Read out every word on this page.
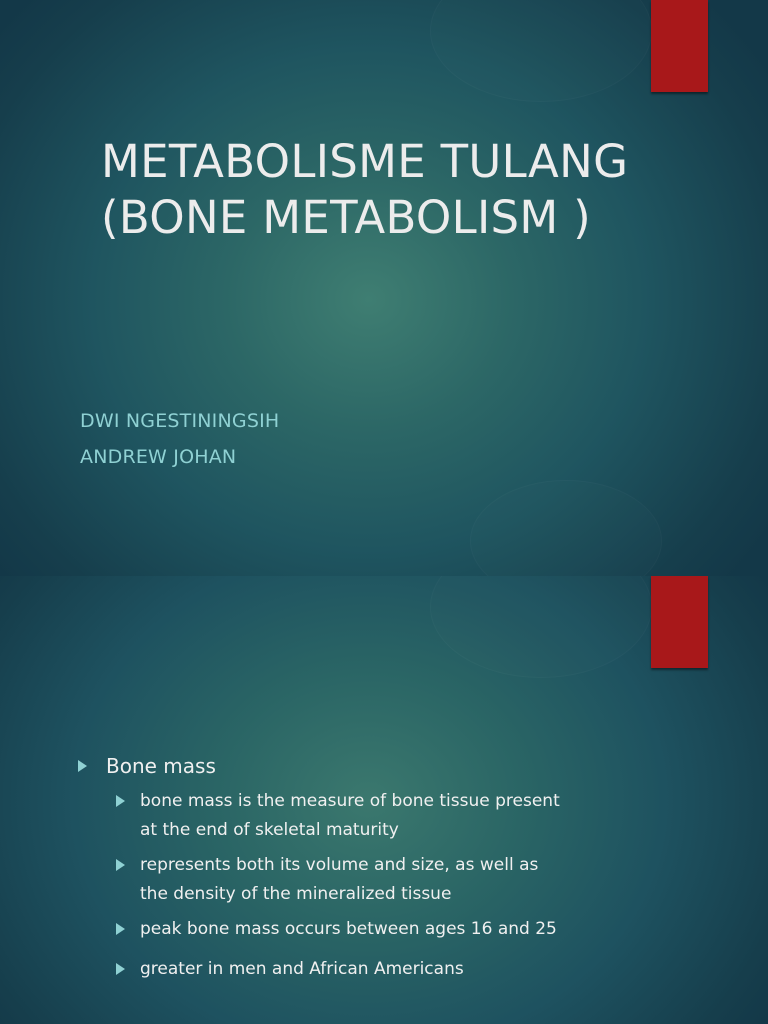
METABOLISME TULANG
(BONE METABOLISM )
DWI NGESTININGSIH
ANDREW JOHAN
Bone mass
bone mass is the measure of bone tissue present
at the end of skeletal maturity
represents both its volume and size, as well as
the density of the mineralized tissue
peak bone mass occurs between ages 16 and 25
greater in men and African Americans
